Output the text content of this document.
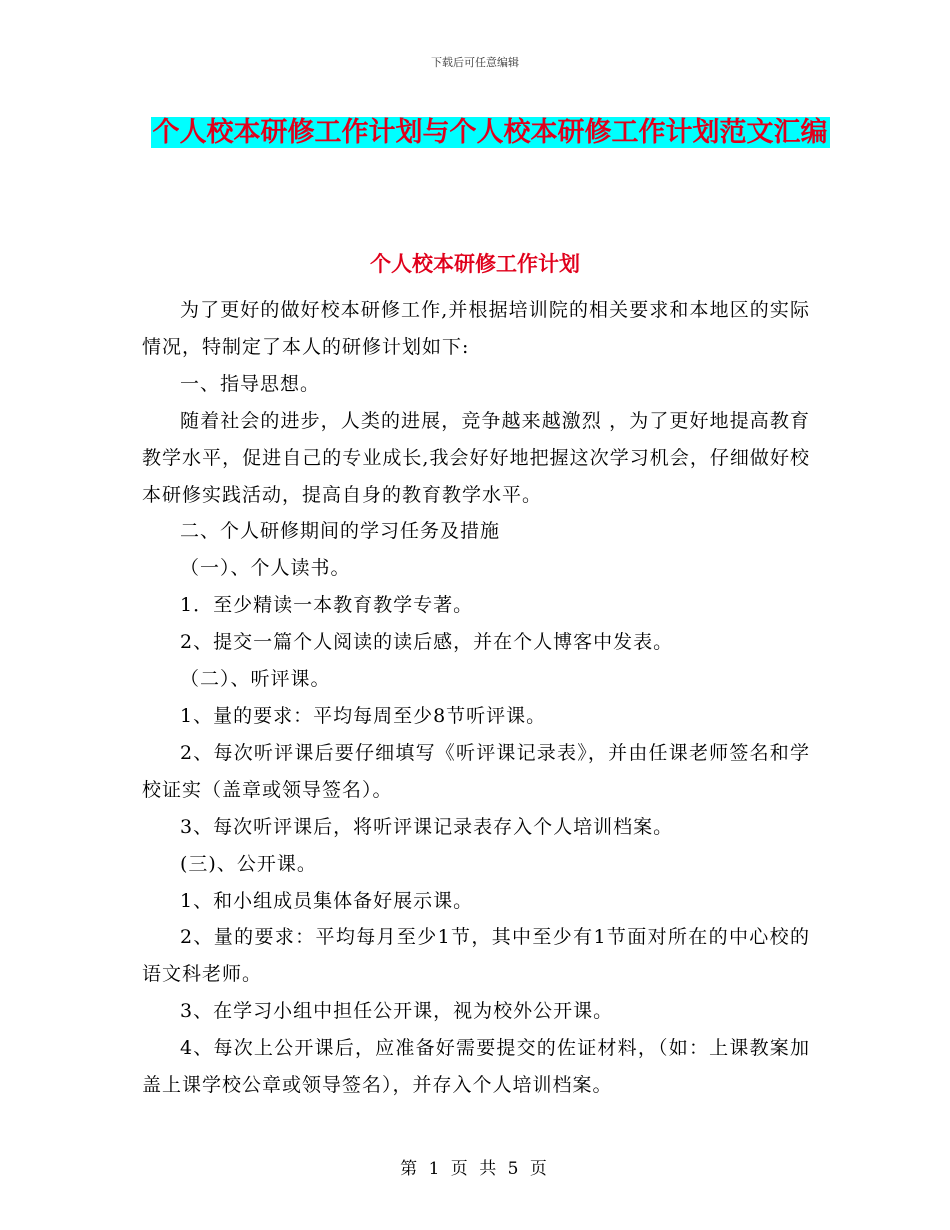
下载后可任意编辑
个人校本研修工作计划与个人校本研修工作计划范文汇编
个人校本研修工作计划

为了更好的做好校本研修工作,并根据培训院的相关要求和本地区的实际情况，特制定了本人的研修计划如下:

一、指导思想。

随着社会的进步，人类的进展，竞争越来越激烈 ，为了更好地提高教育教学水平，促进自己的专业成长,我会好好地把握这次学习机会，仔细做好校本研修实践活动，提高自身的教育教学水平。

二、个人研修期间的学习任务及措施

（一）、个人读书。

1．至少精读一本教育教学专著。

2、提交一篇个人阅读的读后感，并在个人博客中发表。

（二）、听评课。

1、量的要求：平均每周至少8节听评课。

2、每次听评课后要仔细填写《听评课记录表》，并由任课老师签名和学校证实（盖章或领导签名）。

3、每次听评课后，将听评课记录表存入个人培训档案。

(三)、公开课。

1、和小组成员集体备好展示课。

2、量的要求：平均每月至少1节，其中至少有1节面对所在的中心校的语文科老师。

3、在学习小组中担任公开课，视为校外公开课。

4、每次上公开课后，应准备好需要提交的佐证材料，（如：上课教案加盖上课学校公章或领导签名），并存入个人培训档案。

第 1 页 共 5 页
